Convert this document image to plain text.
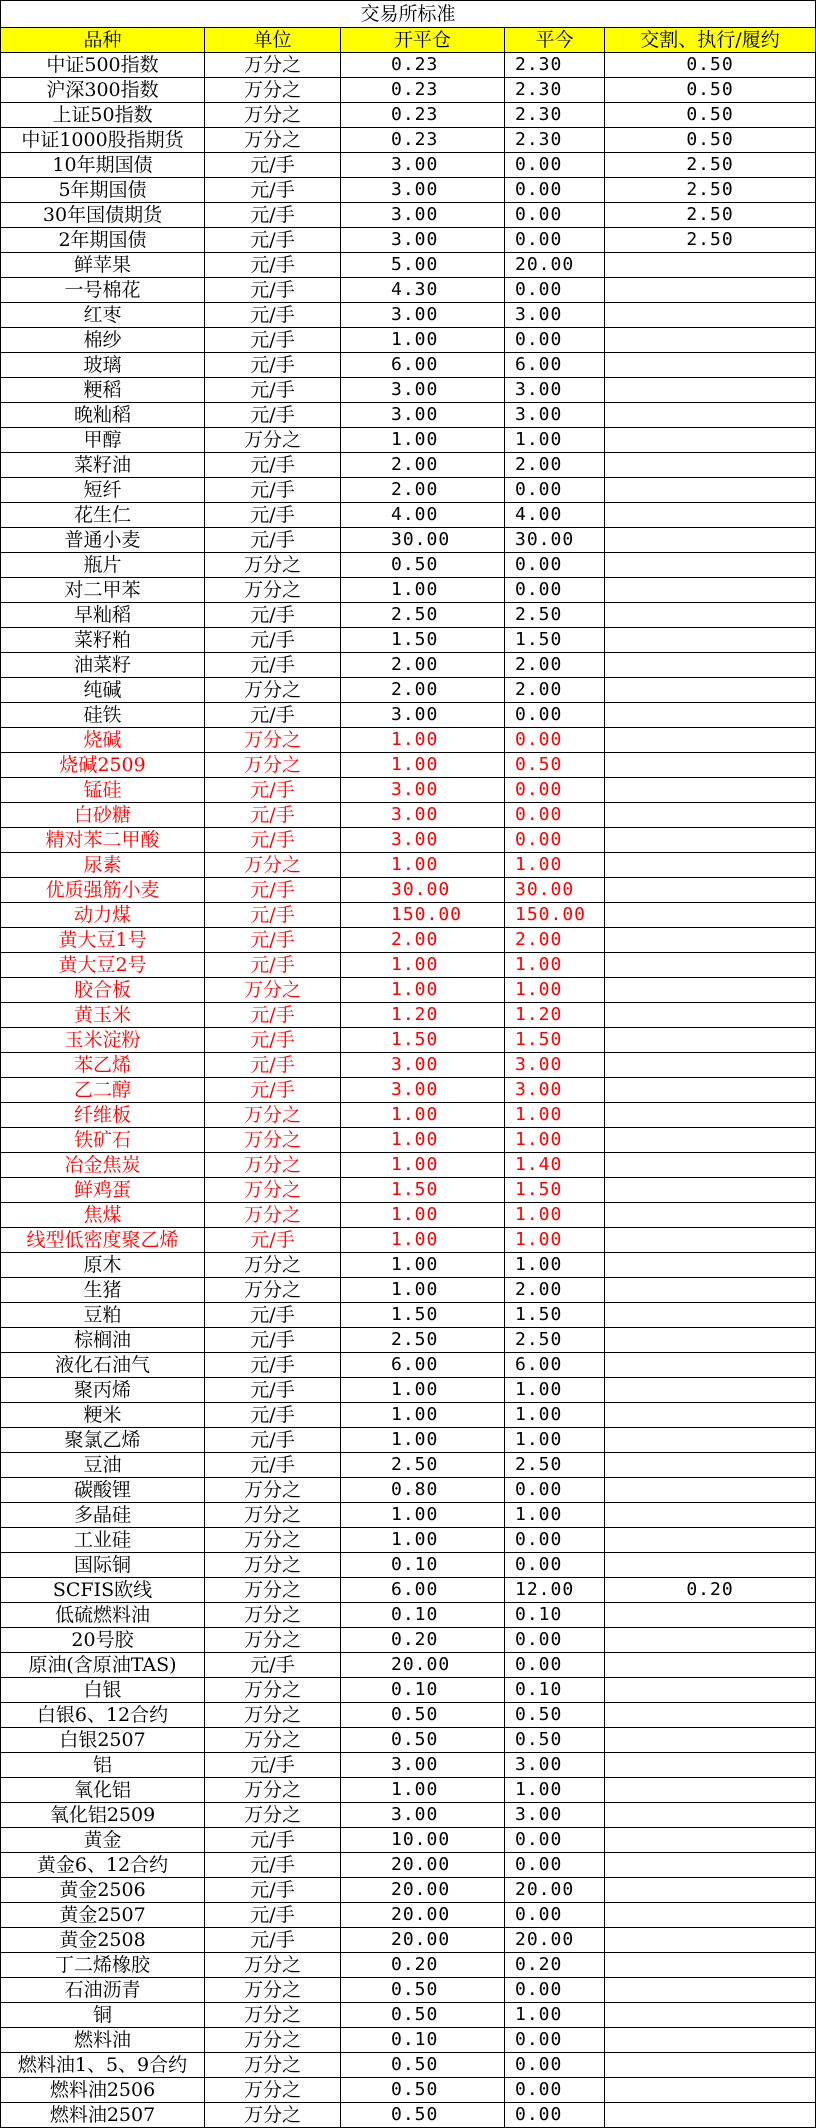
交易所标准				
品种	单位	开平仓	平今	交割、执行/履约
中证500指数	万分之	0.23	2.30	0.50
沪深300指数	万分之	0.23	2.30	0.50
上证50指数	万分之	0.23	2.30	0.50
中证1000股指期货	万分之	0.23	2.30	0.50
10年期国债	元/手	3.00	0.00	2.50
5年期国债	元/手	3.00	0.00	2.50
30年国债期货	元/手	3.00	0.00	2.50
2年期国债	元/手	3.00	0.00	2.50
鲜苹果	元/手	5.00	20.00	
一号棉花	元/手	4.30	0.00	
红枣	元/手	3.00	3.00	
棉纱	元/手	1.00	0.00	
玻璃	元/手	6.00	6.00	
粳稻	元/手	3.00	3.00	
晚籼稻	元/手	3.00	3.00	
甲醇	万分之	1.00	1.00	
菜籽油	元/手	2.00	2.00	
短纤	元/手	2.00	0.00	
花生仁	元/手	4.00	4.00	
普通小麦	元/手	30.00	30.00	
瓶片	万分之	0.50	0.00	
对二甲苯	万分之	1.00	0.00	
早籼稻	元/手	2.50	2.50	
菜籽粕	元/手	1.50	1.50	
油菜籽	元/手	2.00	2.00	
纯碱	万分之	2.00	2.00	
硅铁	元/手	3.00	0.00	
烧碱	万分之	1.00	0.00	
烧碱2509	万分之	1.00	0.50	
锰硅	元/手	3.00	0.00	
白砂糖	元/手	3.00	0.00	
精对苯二甲酸	元/手	3.00	0.00	
尿素	万分之	1.00	1.00	
优质强筋小麦	元/手	30.00	30.00	
动力煤	元/手	150.00	150.00	
黄大豆1号	元/手	2.00	2.00	
黄大豆2号	元/手	1.00	1.00	
胶合板	万分之	1.00	1.00	
黄玉米	元/手	1.20	1.20	
玉米淀粉	元/手	1.50	1.50	
苯乙烯	元/手	3.00	3.00	
乙二醇	元/手	3.00	3.00	
纤维板	万分之	1.00	1.00	
铁矿石	万分之	1.00	1.00	
冶金焦炭	万分之	1.00	1.40	
鲜鸡蛋	万分之	1.50	1.50	
焦煤	万分之	1.00	1.00	
线型低密度聚乙烯	元/手	1.00	1.00	
原木	万分之	1.00	1.00	
生猪	万分之	1.00	2.00	
豆粕	元/手	1.50	1.50	
棕榈油	元/手	2.50	2.50	
液化石油气	元/手	6.00	6.00	
聚丙烯	元/手	1.00	1.00	
粳米	元/手	1.00	1.00	
聚氯乙烯	元/手	1.00	1.00	
豆油	元/手	2.50	2.50	
碳酸锂	万分之	0.80	0.00	
多晶硅	万分之	1.00	1.00	
工业硅	万分之	1.00	0.00	
国际铜	万分之	0.10	0.00	
SCFIS欧线	万分之	6.00	12.00	0.20
低硫燃料油	万分之	0.10	0.10	
20号胶	万分之	0.20	0.00	
原油(含原油TAS)	元/手	20.00	0.00	
白银	万分之	0.10	0.10	
白银6、12合约	万分之	0.50	0.50	
白银2507	万分之	0.50	0.50	
铝	元/手	3.00	3.00	
氧化铝	万分之	1.00	1.00	
氧化铝2509	万分之	3.00	3.00	
黄金	元/手	10.00	0.00	
黄金6、12合约	元/手	20.00	0.00	
黄金2506	元/手	20.00	20.00	
黄金2507	元/手	20.00	0.00	
黄金2508	元/手	20.00	20.00	
丁二烯橡胶	万分之	0.20	0.20	
石油沥青	万分之	0.50	0.00	
铜	万分之	0.50	1.00	
燃料油	万分之	0.10	0.00	
燃料油1、5、9合约	万分之	0.50	0.00	
燃料油2506	万分之	0.50	0.00	
燃料油2507	万分之	0.50	0.00	
